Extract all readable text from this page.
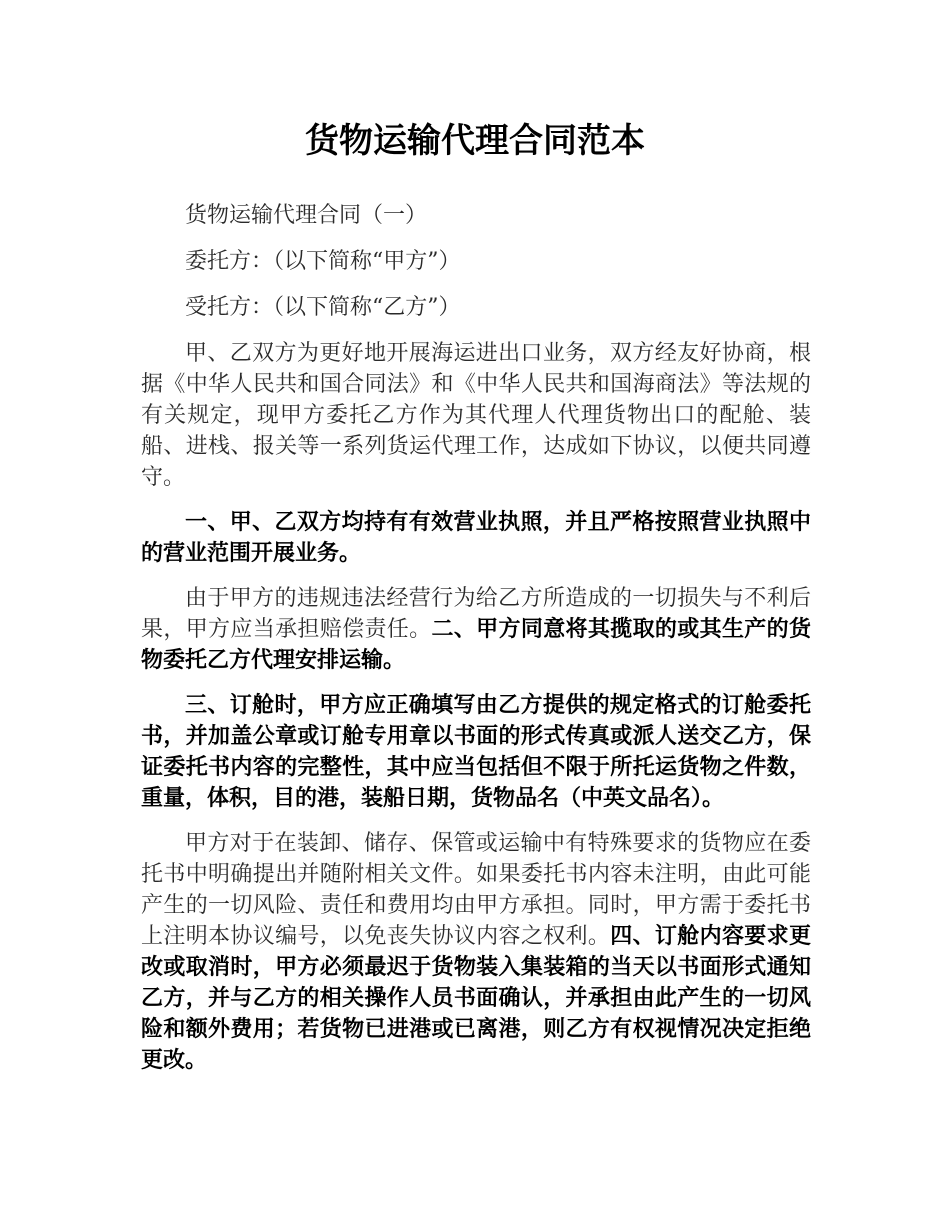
货物运输代理合同范本

货物运输代理合同（一）

委托方：（以下简称“甲方”）

受托方：（以下简称“乙方”）

甲、乙双方为更好地开展海运进出口业务，双方经友好协商，根据《中华人民共和国合同法》和《中华人民共和国海商法》等法规的有关规定，现甲方委托乙方作为其代理人代理货物出口的配舱、装船、进栈、报关等一系列货运代理工作，达成如下协议，以便共同遵守。

一、甲、乙双方均持有有效营业执照，并且严格按照营业执照中的营业范围开展业务。

由于甲方的违规违法经营行为给乙方所造成的一切损失与不利后果，甲方应当承担赔偿责任。二、甲方同意将其揽取的或其生产的货物委托乙方代理安排运输。

三、订舱时，甲方应正确填写由乙方提供的规定格式的订舱委托书，并加盖公章或订舱专用章以书面的形式传真或派人送交乙方，保证委托书内容的完整性，其中应当包括但不限于所托运货物之件数，重量，体积，目的港，装船日期，货物品名（中英文品名）。

甲方对于在装卸、储存、保管或运输中有特殊要求的货物应在委托书中明确提出并随附相关文件。如果委托书内容未注明，由此可能产生的一切风险、责任和费用均由甲方承担。同时，甲方需于委托书上注明本协议编号，以免丧失协议内容之权利。四、订舱内容要求更改或取消时，甲方必须最迟于货物装入集装箱的当天以书面形式通知乙方，并与乙方的相关操作人员书面确认，并承担由此产生的一切风险和额外费用；若货物已进港或已离港，则乙方有权视情况决定拒绝更改。
